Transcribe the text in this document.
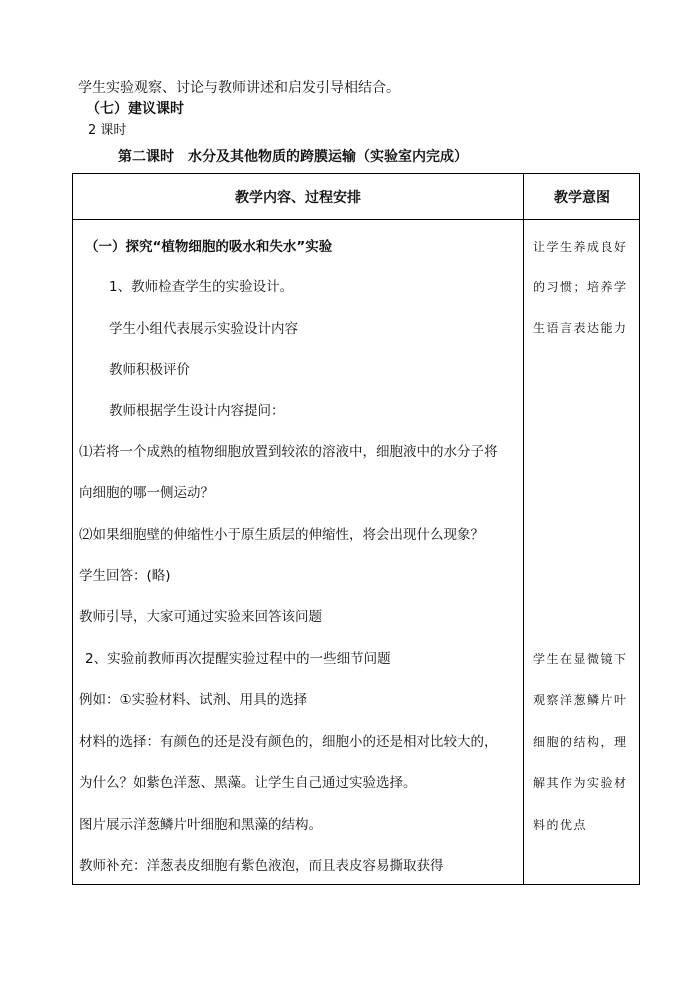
学生实验观察、讨论与教师讲述和启发引导相结合。
（七）建议课时
2 课时
第二课时　水分及其他物质的跨膜运输（实验室内完成）
教学内容、过程安排	教学意图
（一）探究“植物细胞的吸水和失水”实验
1、教师检查学生的实验设计。
学生小组代表展示实验设计内容
教师积极评价
教师根据学生设计内容提问：
⑴若将一个成熟的植物细胞放置到较浓的溶液中，细胞液中的水分子将
向细胞的哪一侧运动？
⑵如果细胞壁的伸缩性小于原生质层的伸缩性，将会出现什么现象？
学生回答：(略)
教师引导，大家可通过实验来回答该问题
2、实验前教师再次提醒实验过程中的一些细节问题
例如：①实验材料、试剂、用具的选择
材料的选择：有颜色的还是没有颜色的，细胞小的还是相对比较大的，
为什么？如紫色洋葱、黑藻。让学生自己通过实验选择。
图片展示洋葱鳞片叶细胞和黑藻的结构。
教师补充：洋葱表皮细胞有紫色液泡，而且表皮容易撕取获得
让学生养成良好
的习惯；培养学
生语言表达能力
学生在显微镜下
观察洋葱鳞片叶
细胞的结构，理
解其作为实验材
料的优点
